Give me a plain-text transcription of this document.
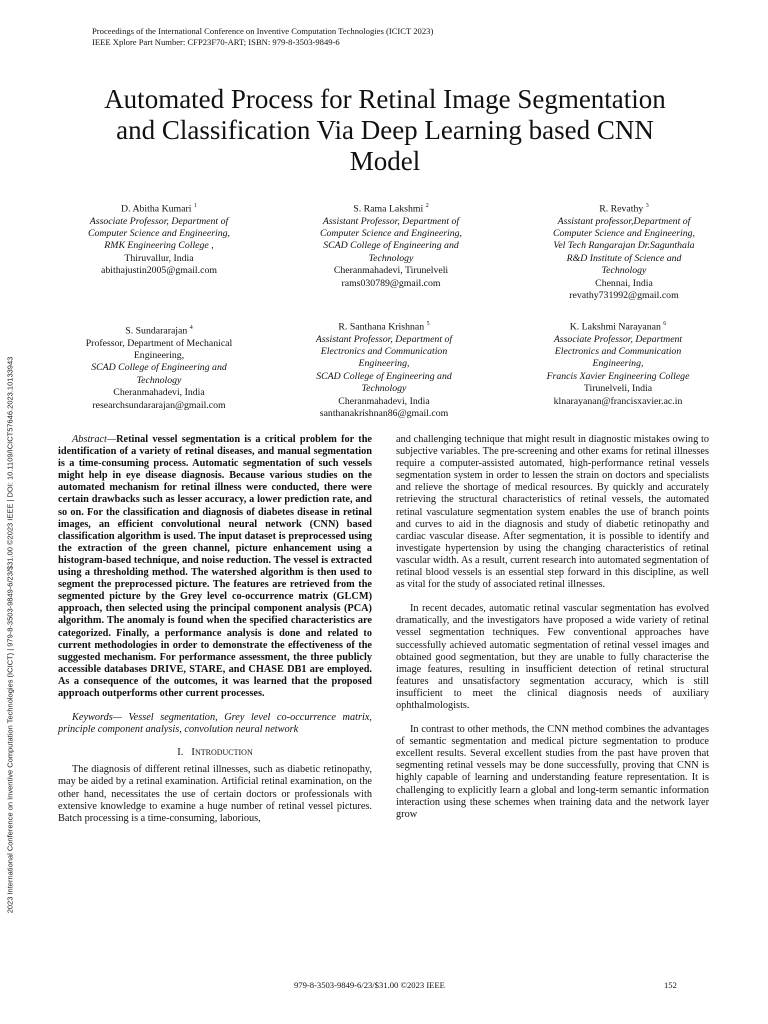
Proceedings of the International Conference on Inventive Computation Technologies (ICICT 2023)
IEEE Xplore Part Number: CFP23F70-ART; ISBN: 979-8-3503-9849-6
Automated Process for Retinal Image Segmentation
and Classification Via Deep Learning based CNN
Model
D. Abitha Kumari $^1$
Associate Professor, Department of
Computer Science and Engineering,
RMK Engineering College ,
Thiruvallur, India
abithajustin2005@gmail.com
S. Rama Lakshmi $^2$
Assistant Professor, Department of
Computer Science and Engineering,
SCAD College of Engineering and
Technology
Cheranmahadevi, Tirunelveli
rams030789@gmail.com
R. Revathy $^3$
Assistant professor,Department of
Computer Science and Engineering,
Vel Tech Rangarajan Dr.Sagunthala
R&D Institute of Science and
Technology
Chennai, India
revathy731992@gmail.com
S. Sundararajan $^4$
Professor, Department of Mechanical
Engineering,
SCAD College of Engineering and
Technology
Cheranmahadevi, India
researchsundararajan@gmail.com
R. Santhana Krishnan $^5$
Assistant Professor, Department of
Electronics and Communication
Engineering,
SCAD College of Engineering and
Technology
Cheranmahadevi, India
santhanakrishnan86@gmail.com
K. Lakshmi Narayanan $^6$
Associate Professor, Department
Electronics and Communication
Engineering,
Francis Xavier Engineering College
Tirunelveli, India
klnarayanan@francisxavier.ac.in
2023 International Conference on Inventive Computation Technologies (ICICT) | 979-8-3503-9849-6/23/$31.00 ©2023 IEEE | DOI: 10.1109/ICICT57646.2023.10133943	Abstract—Retinal vessel segmentation is a critical problem for the identification of a variety of retinal diseases, and manual segmentation is a time-consuming process. Automatic segmentation of such vessels might help in eye disease diagnosis. Because various studies on the automated mechanism for retinal illness were conducted, there were certain drawbacks such as lesser accuracy, a lower prediction rate, and so on. For the classification and diagnosis of diabetes disease in retinal images, an efficient convolutional neural network (CNN) based classification algorithm is used. The input dataset is preprocessed using the extraction of the green channel, picture enhancement using a histogram-based technique, and noise reduction. The vessel is extracted using a thresholding method. The watershed algorithm is then used to segment the preprocessed picture. The features are retrieved from the segmented picture by the Grey level co-occurrence matrix (GLCM) approach, then selected using the principal component analysis (PCA) algorithm. The anomaly is found when the specified characteristics are categorized. Finally, a performance analysis is done and related to current methodologies in order to demonstrate the effectiveness of the suggested mechanism. For performance assessment, the three publicly accessible databases DRIVE, STARE, and CHASE DB1 are employed. As a consequence of the outcomes, it was learned that the proposed approach outperforms other current processes.

Keywords— Vessel segmentation, Grey level co-occurrence matrix, principle component analysis, convolution neural network

I. Introduction

The diagnosis of different retinal illnesses, such as diabetic retinopathy, may be aided by a retinal examination. Artificial retinal examination, on the other hand, necessitates the use of certain doctors or professionals with extensive knowledge to examine a huge number of retinal vessel pictures. Batch processing is a time-consuming, laborious,

and challenging technique that might result in diagnostic mistakes owing to subjective variables. The pre-screening and other exams for retinal illnesses require a computer-assisted automated, high-performance retinal vessels segmentation system in order to lessen the strain on doctors and specialists and relieve the shortage of medical resources. By quickly and accurately retrieving the structural characteristics of retinal vessels, the automated retinal vasculature segmentation system enables the use of branch points and curves to aid in the diagnosis and study of diabetic retinopathy and cardiac vascular disease. After segmentation, it is possible to identify and investigate hypertension by using the changing characteristics of retinal vascular width. As a result, current research into automated segmentation of retinal blood vessels is an essential step forward in this discipline, as well as vital for the study of associated retinal illnesses.

In recent decades, automatic retinal vascular segmentation has evolved dramatically, and the investigators have proposed a wide variety of retinal vessel segmentation techniques. Few conventional approaches have successfully achieved automatic segmentation of retinal vessel images and obtained good segmentation, but they are unable to fully characterise the image features, resulting in insufficient detection of retinal structural features and unsatisfactory segmentation accuracy, which is still insufficient to meet the clinical diagnosis needs of auxiliary ophthalmologists.

In contrast to other methods, the CNN method combines the advantages of semantic segmentation and medical picture segmentation to produce excellent results. Several excellent studies from the past have proven that segmenting retinal vessels may be done successfully, proving that CNN is highly capable of learning and understanding feature representation. It is challenging to explicitly learn a global and long-term semantic information interaction using these schemes when training data and the network layer grow

979-8-3503-9849-6/23/$31.00 ©2023 IEEE	152
